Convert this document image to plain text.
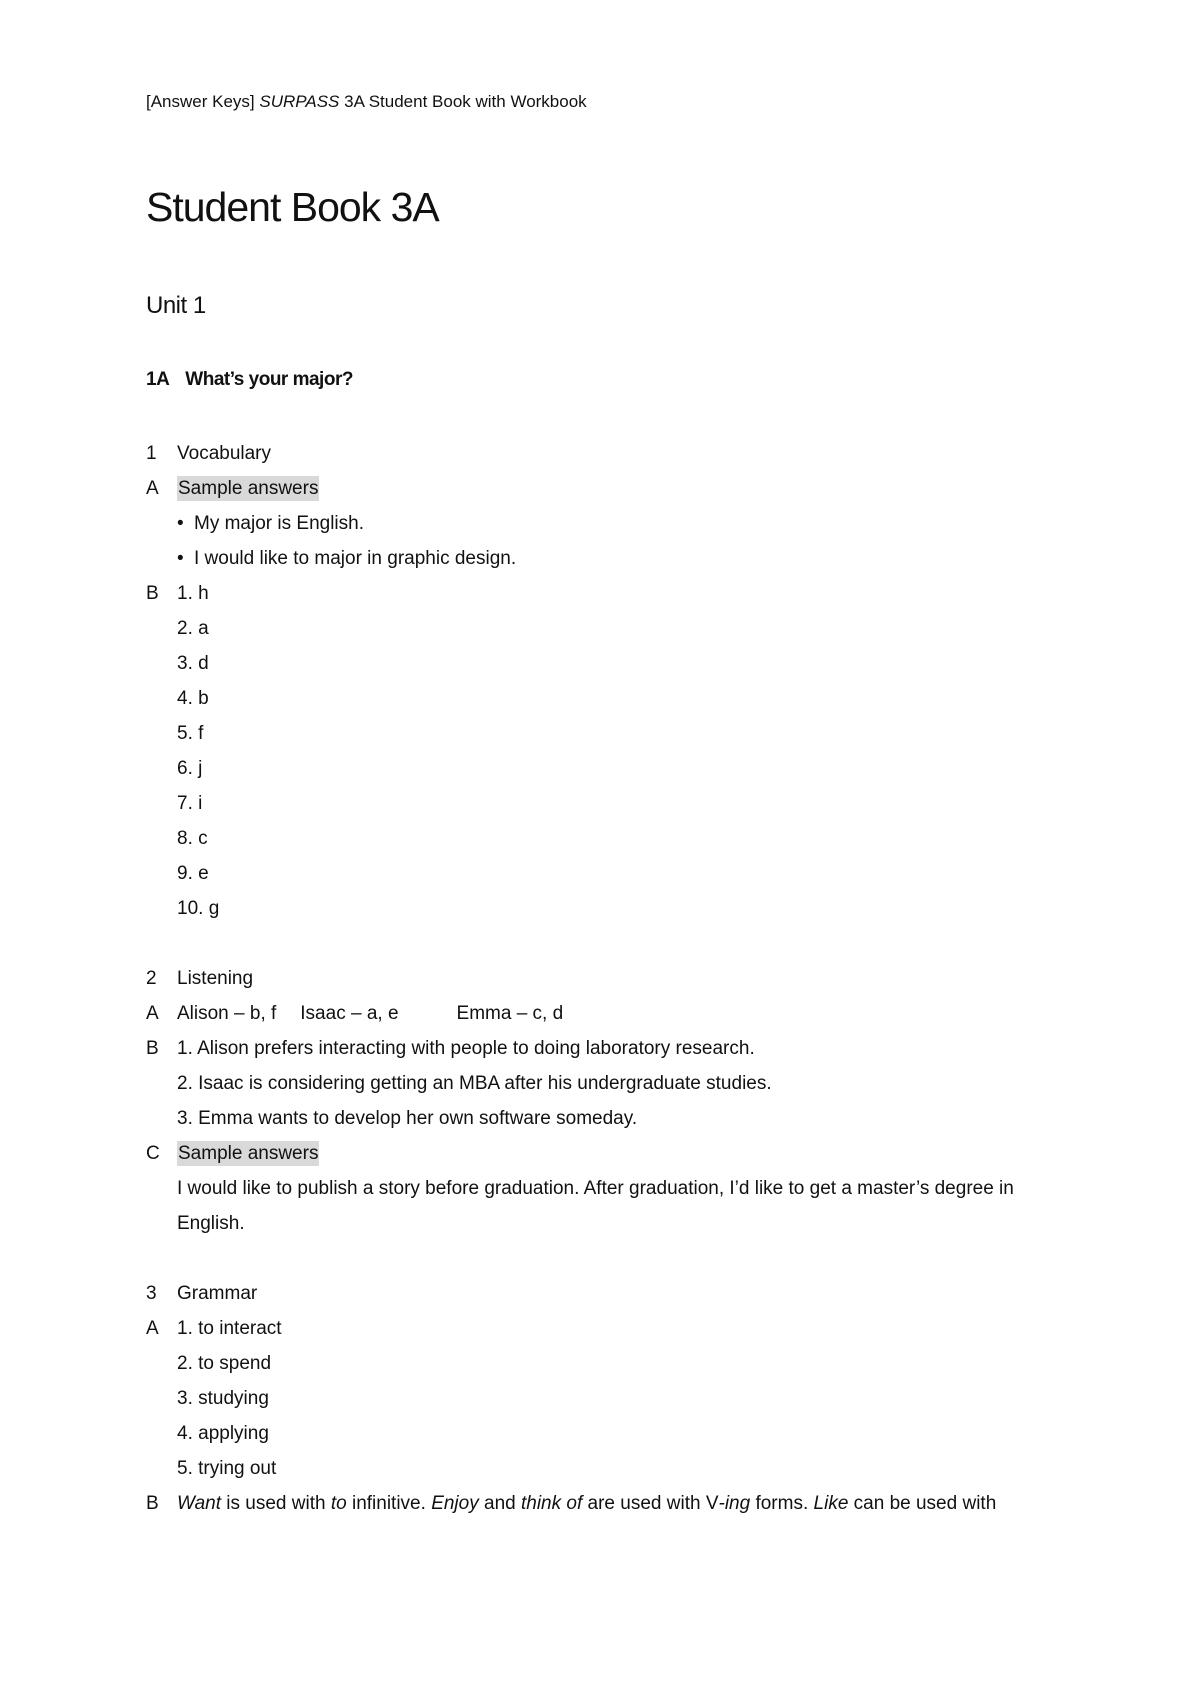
[Answer Keys] SURPASS 3A Student Book with Workbook
Student Book 3A
Unit 1
1A What’s your major?
1 Vocabulary
A Sample answers
• My major is English.
• I would like to major in graphic design.
B 1. h
2. a
3. d
4. b
5. f
6. j
7. i
8. c
9. e
10. g
2 Listening
A Alison – b, f Isaac – a, e	Emma – c, d
B 1. Alison prefers interacting with people to doing laboratory research.
2. Isaac is considering getting an MBA after his undergraduate studies.
3. Emma wants to develop her own software someday.
C Sample answers
I would like to publish a story before graduation. After graduation, I’d like to get a master’s degree in English.
3 Grammar
A 1. to interact
2. to spend
3. studying
4. applying
5. trying out
B Want is used with to infinitive. Enjoy and think of are used with V-ing forms. Like can be used with
